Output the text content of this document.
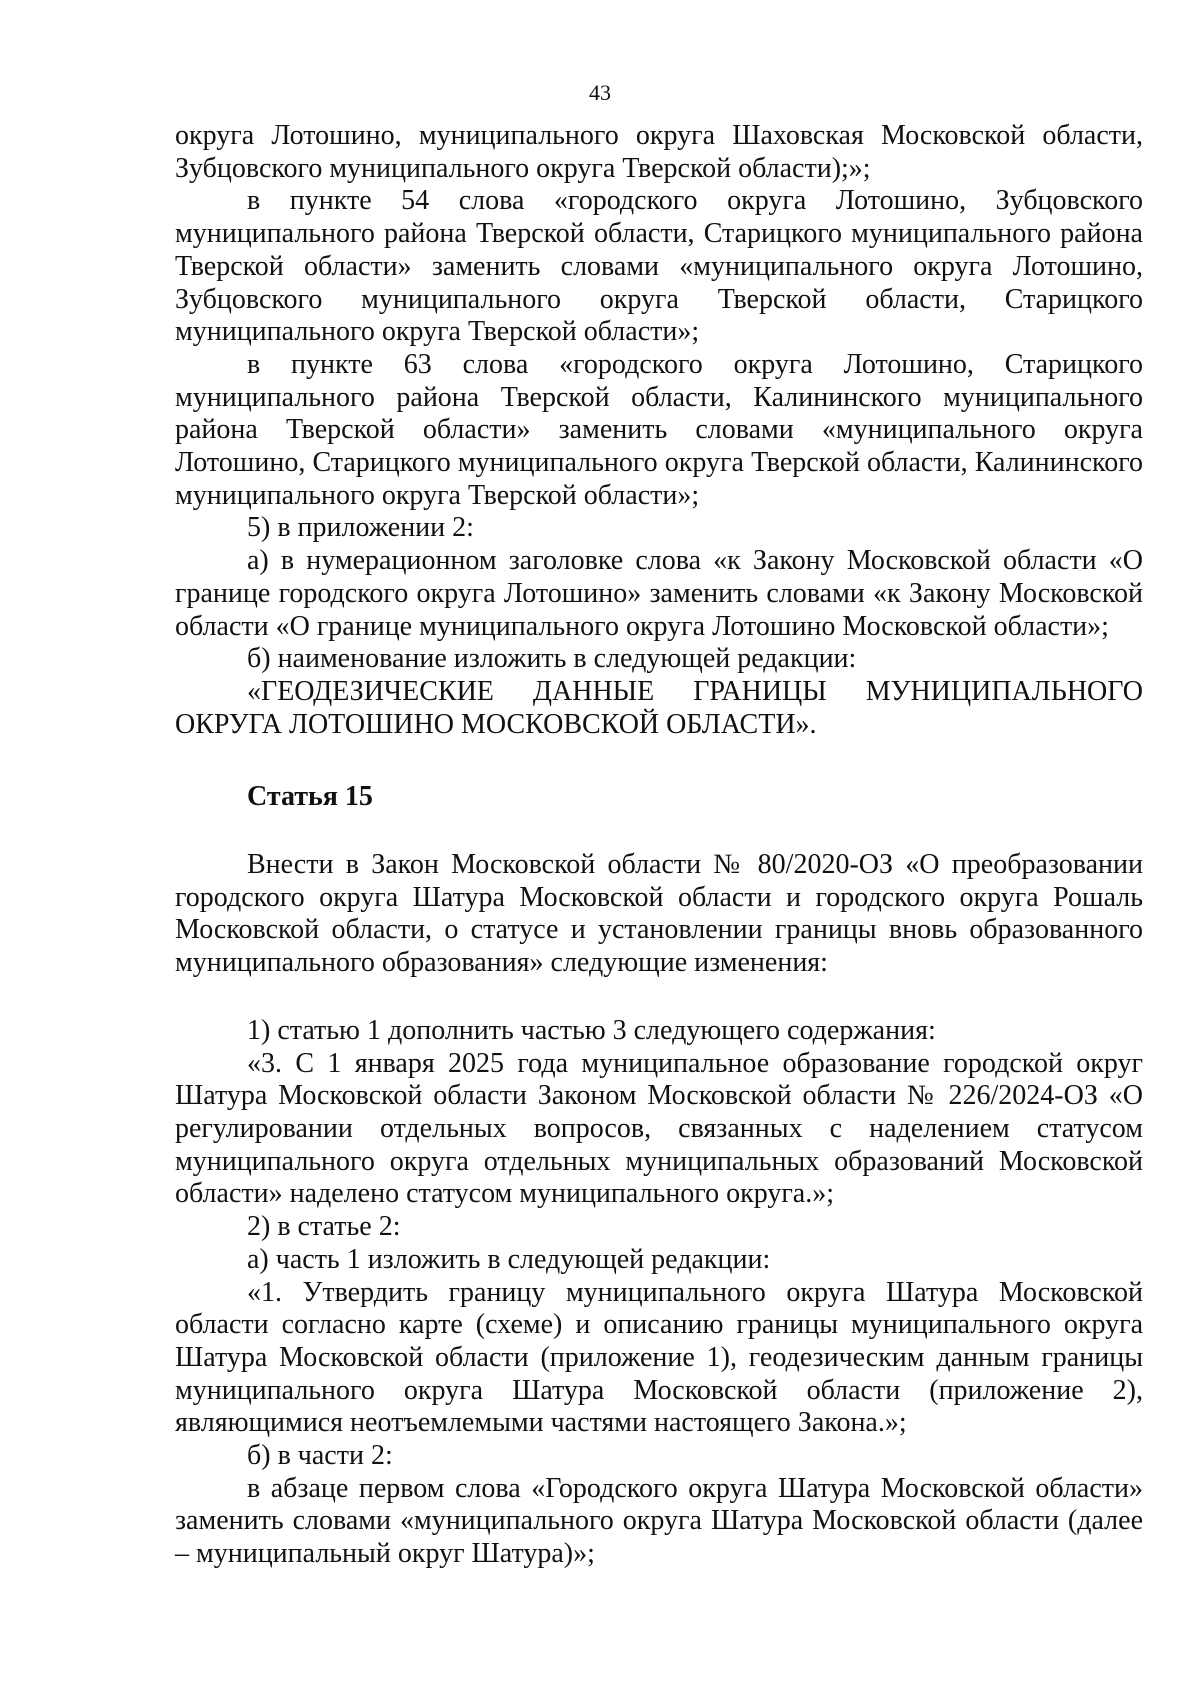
43

округа Лотошино, муниципального округа Шаховская Московской области, Зубцовского муниципального округа Тверской области);»;

в пункте 54 слова «городского округа Лотошино, Зубцовского муниципального района Тверской области, Старицкого муниципального района Тверской области» заменить словами «муниципального округа Лотошино, Зубцовского муниципального округа Тверской области, Старицкого муниципального округа Тверской области»;

в пункте 63 слова «городского округа Лотошино, Старицкого муниципального района Тверской области, Калининского муниципального района Тверской области» заменить словами «муниципального округа Лотошино, Старицкого муниципального округа Тверской области, Калининского муниципального округа Тверской области»;

5) в приложении 2:

а) в нумерационном заголовке слова «к Закону Московской области «О границе городского округа Лотошино» заменить словами «к Закону Московской области «О границе муниципального округа Лотошино Московской области»;

б) наименование изложить в следующей редакции:

«ГЕОДЕЗИЧЕСКИЕ ДАННЫЕ ГРАНИЦЫ МУНИЦИПАЛЬНОГО ОКРУГА ЛОТОШИНО МОСКОВСКОЙ ОБЛАСТИ».

Статья 15

Внести в Закон Московской области № 80/2020-ОЗ «О преобразовании городского округа Шатура Московской области и городского округа Рошаль Московской области, о статусе и установлении границы вновь образованного муниципального образования» следующие изменения:

1) статью 1 дополнить частью 3 следующего содержания:

«3. С 1 января 2025 года муниципальное образование городской округ Шатура Московской области Законом Московской области № 226/2024-ОЗ «О регулировании отдельных вопросов, связанных с наделением статусом муниципального округа отдельных муниципальных образований Московской области» наделено статусом муниципального округа.»;

2) в статье 2:

а) часть 1 изложить в следующей редакции:

«1. Утвердить границу муниципального округа Шатура Московской области согласно карте (схеме) и описанию границы муниципального округа Шатура Московской области (приложение 1), геодезическим данным границы муниципального округа Шатура Московской области (приложение 2), являющимися неотъемлемыми частями настоящего Закона.»;

б) в части 2:

в абзаце первом слова «Городского округа Шатура Московской области» заменить словами «муниципального округа Шатура Московской области (далее – муниципальный округ Шатура)»;
